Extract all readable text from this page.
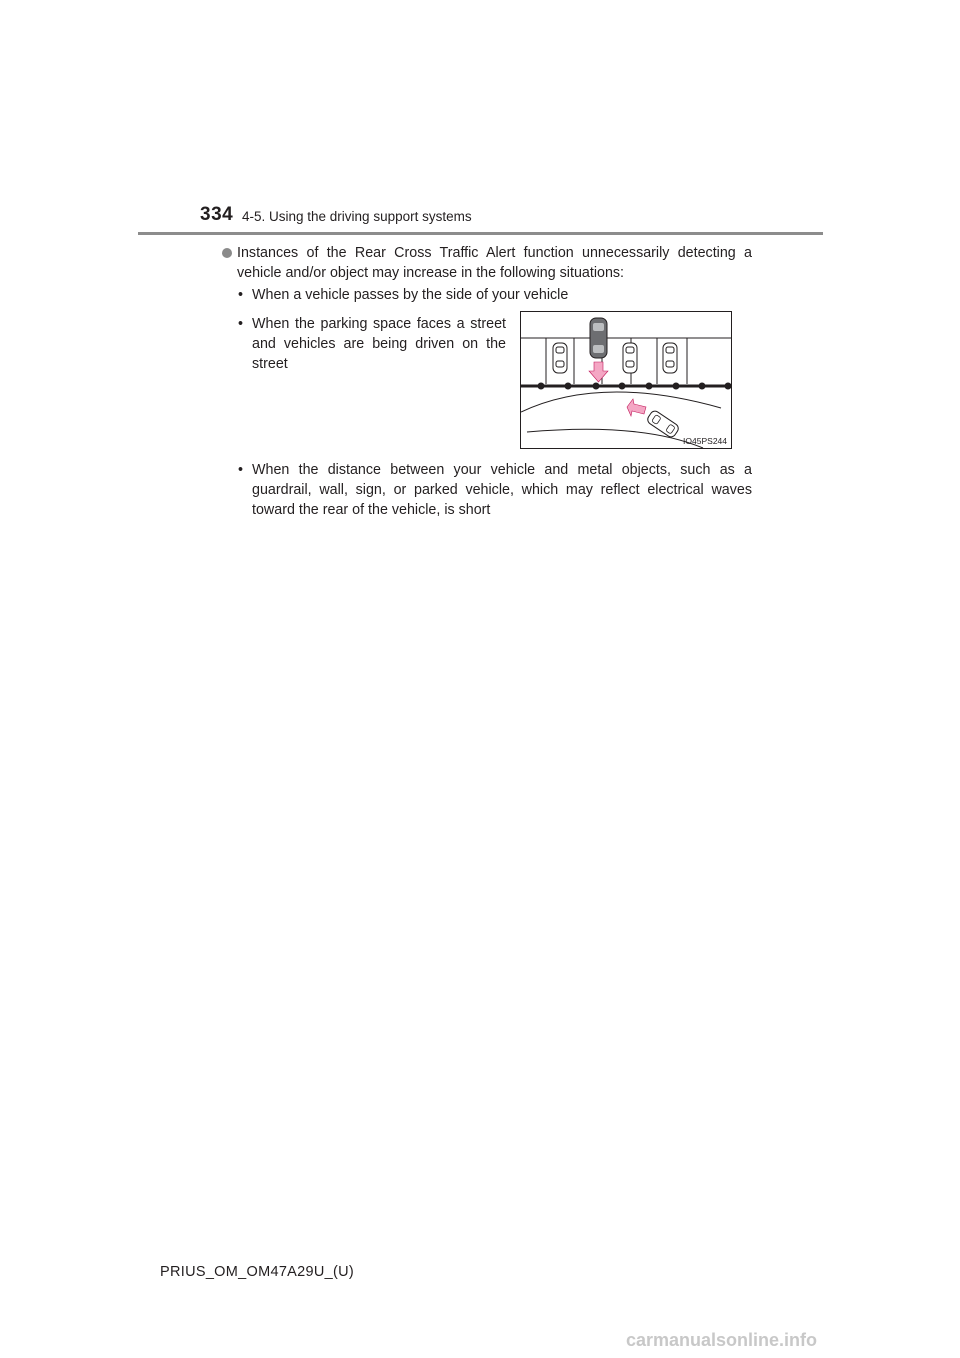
334 4-5. Using the driving support systems
Instances of the Rear Cross Traffic Alert function unnecessarily detecting a vehicle and/or object may increase in the following situations:
• When a vehicle passes by the side of your vehicle
• When the parking space faces a street and vehicles are being driven on the street
IO45PS244
• When the distance between your vehicle and metal objects, such as a guardrail, wall, sign, or parked vehicle, which may reflect electrical waves toward the rear of the vehicle, is short
PRIUS_OM_OM47A29U_(U)
carmanualsonline.info
